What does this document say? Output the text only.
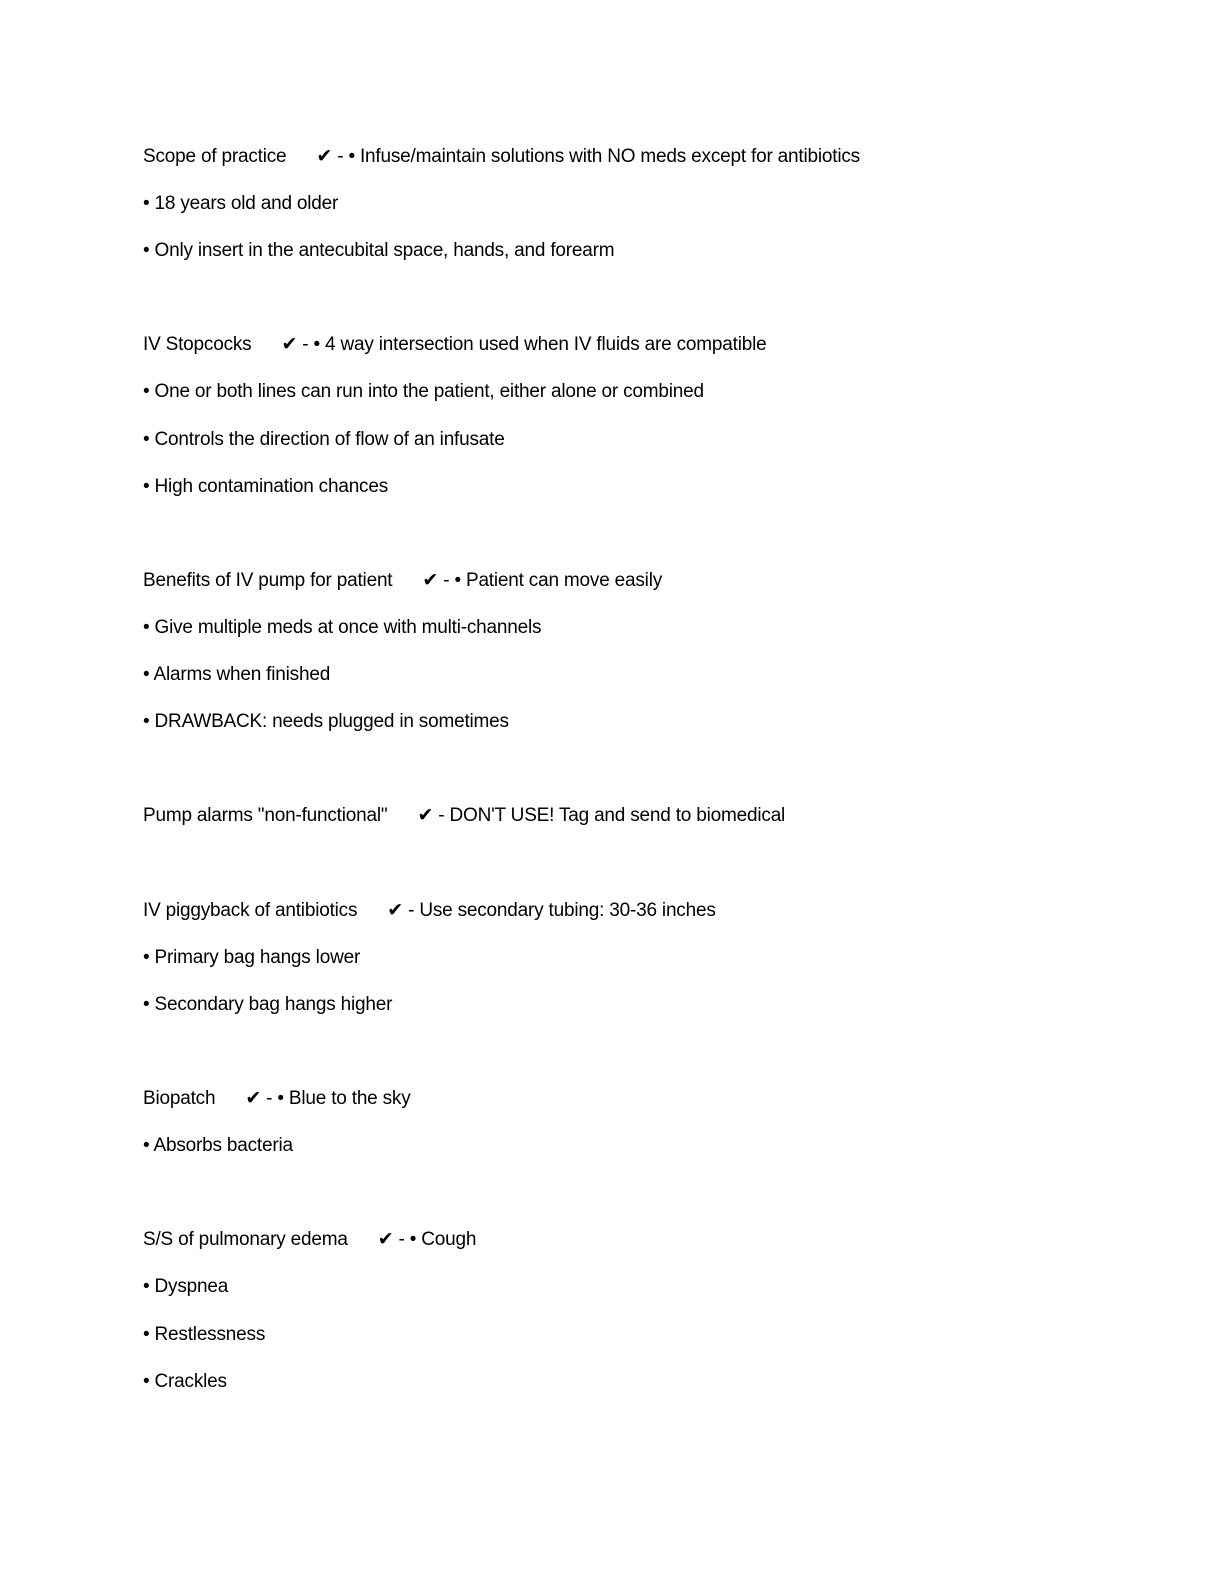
Scope of practice ✔ - • Infuse/maintain solutions with NO meds except for antibiotics

• 18 years old and older

• Only insert in the antecubital space, hands, and forearm

IV Stopcocks ✔ - • 4 way intersection used when IV fluids are compatible

• One or both lines can run into the patient, either alone or combined

• Controls the direction of flow of an infusate

• High contamination chances

Benefits of IV pump for patient ✔ - • Patient can move easily

• Give multiple meds at once with multi-channels

• Alarms when finished

• DRAWBACK: needs plugged in sometimes

Pump alarms "non-functional" ✔ - DON'T USE! Tag and send to biomedical

IV piggyback of antibiotics ✔ - Use secondary tubing: 30-36 inches

• Primary bag hangs lower

• Secondary bag hangs higher

Biopatch ✔ - • Blue to the sky

• Absorbs bacteria

S/S of pulmonary edema ✔ - • Cough

• Dyspnea

• Restlessness

• Crackles
